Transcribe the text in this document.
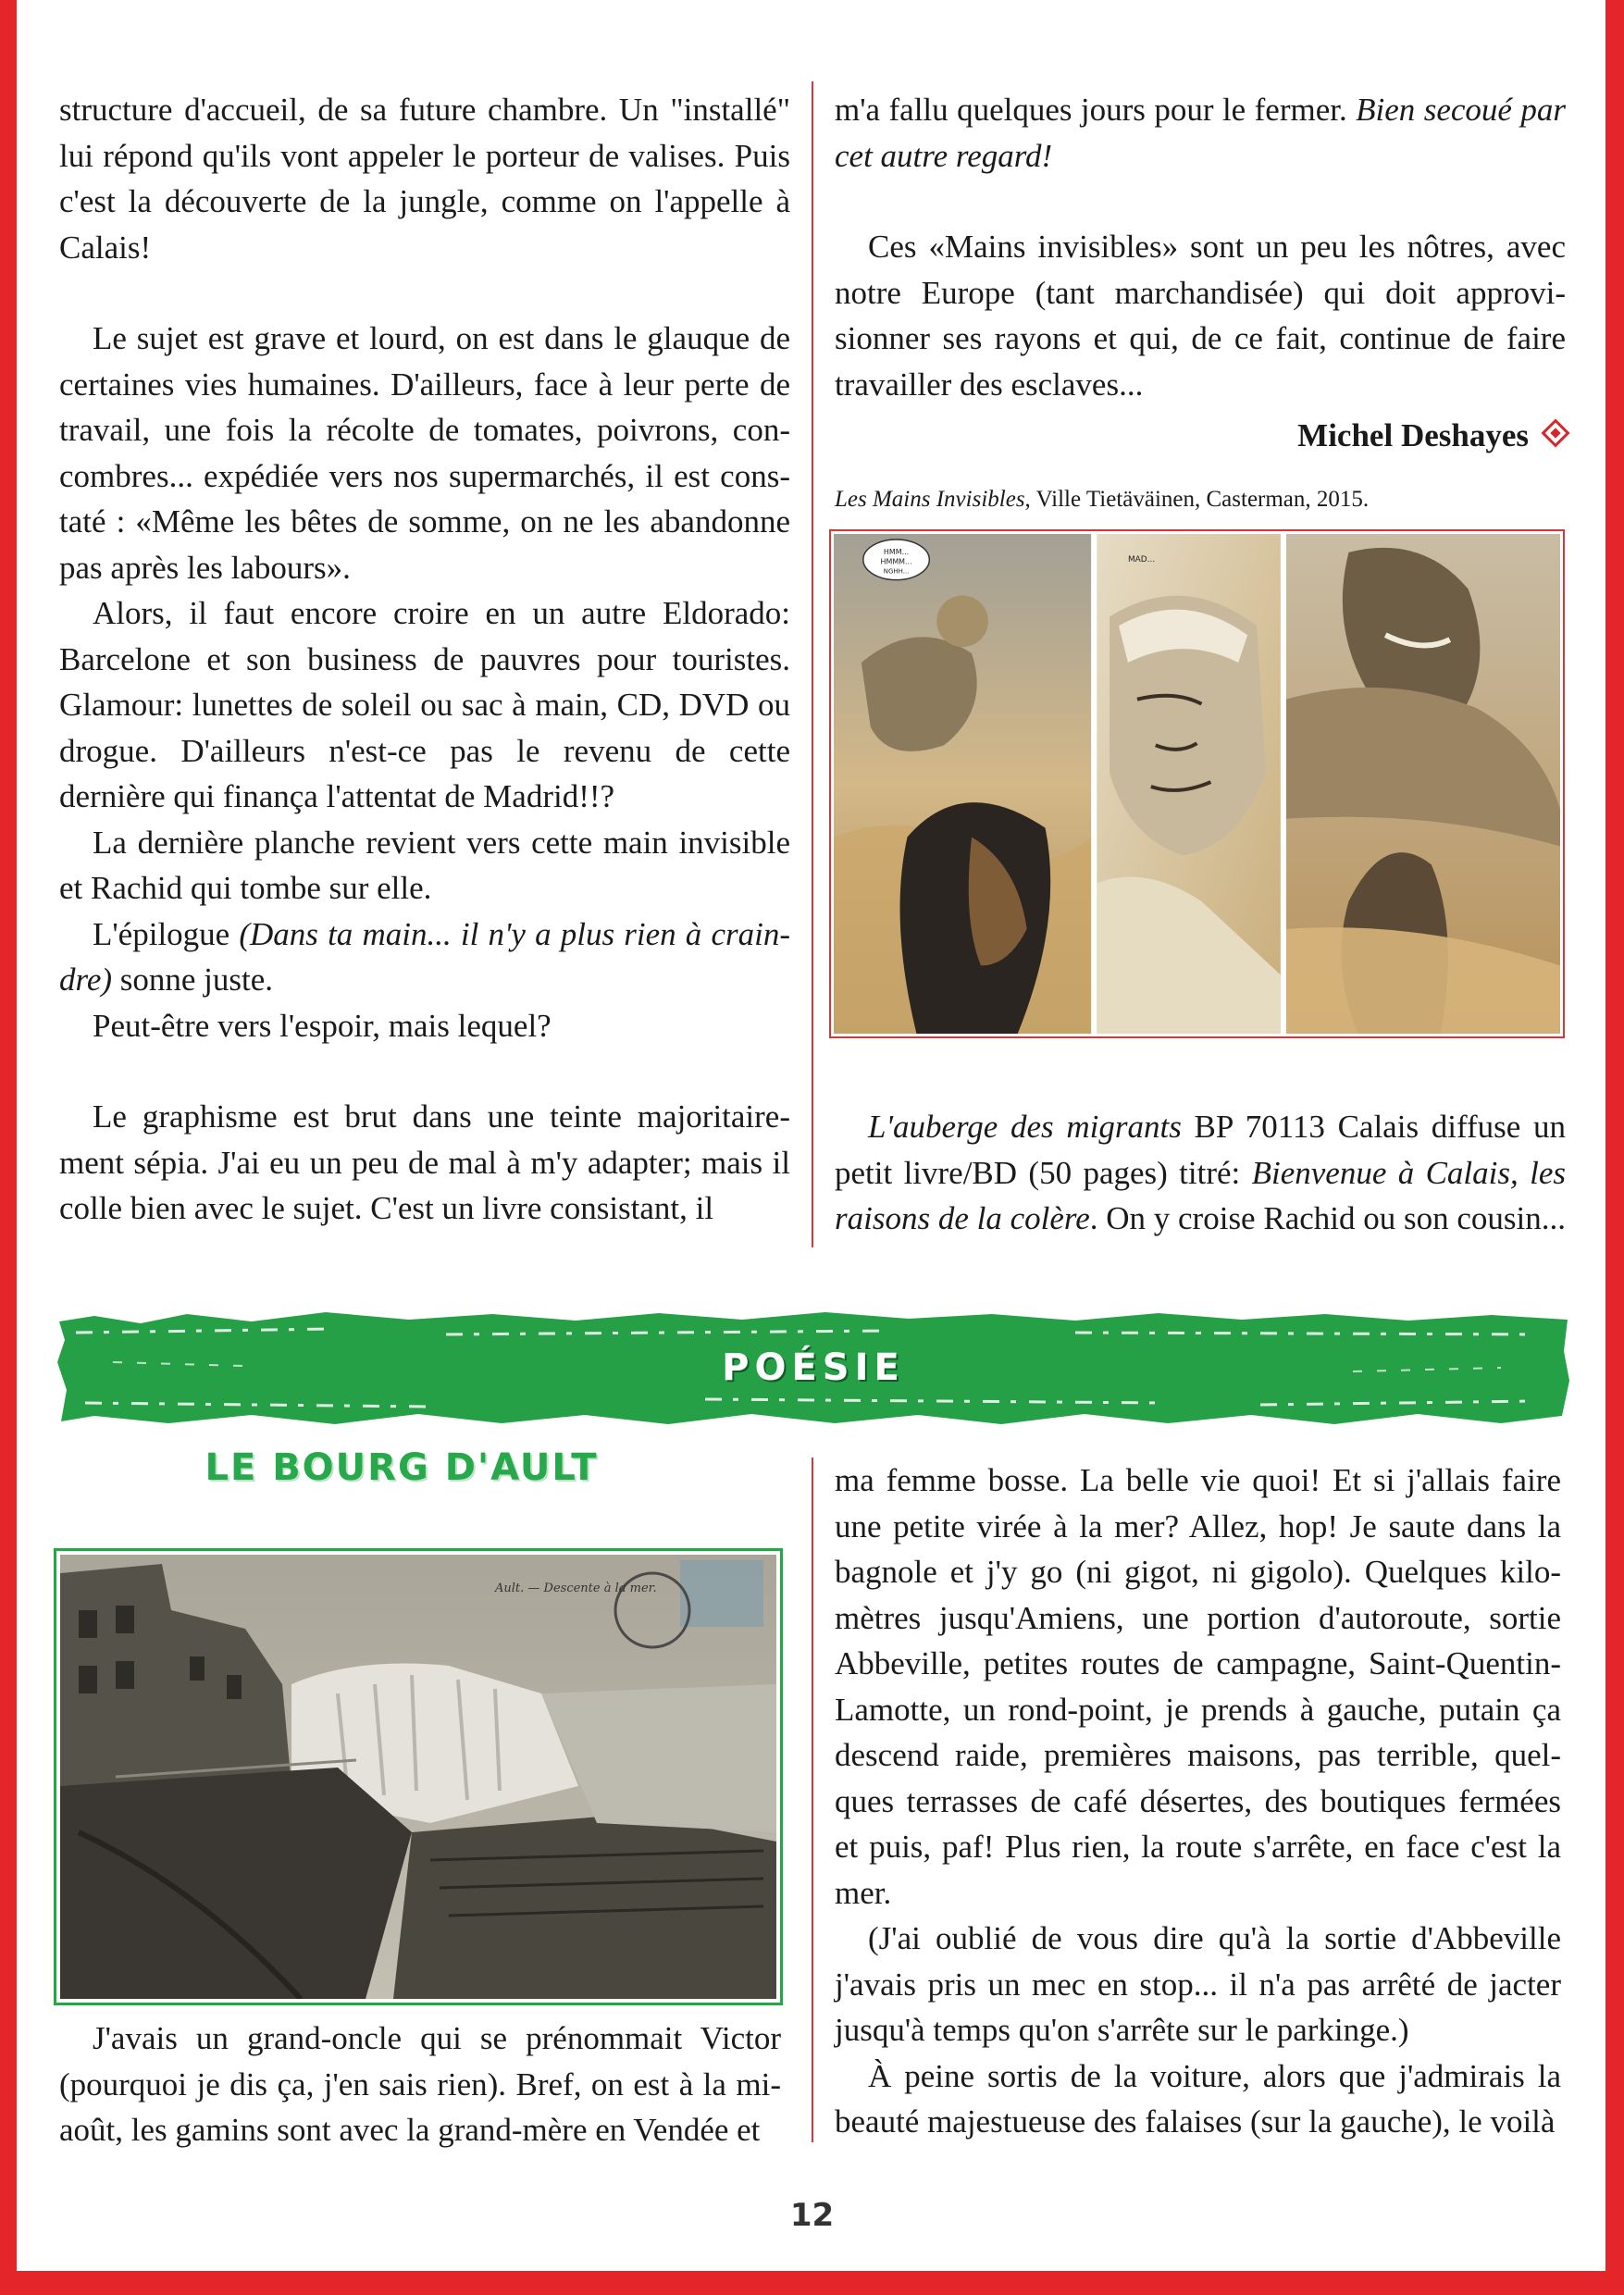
structure d'accueil, de sa future chambre. Un "installé" lui répond qu'ils vont appeler le porteur de valises. Puis c'est la découverte de la jungle, comme on l'appelle à Calais!

Le sujet est grave et lourd, on est dans le glauque de certaines vies humaines. D'ailleurs, face à leur perte de travail, une fois la récolte de tomates, poivrons, concombres... expédiée vers nos supermarchés, il est constaté : «Même les bêtes de somme, on ne les abandonne pas après les labours».

Alors, il faut encore croire en un autre Eldorado: Barcelone et son business de pauvres pour touristes. Glamour: lunettes de soleil ou sac à main, CD, DVD ou drogue. D'ailleurs n'est-ce pas le revenu de cette dernière qui finança l'attentat de Madrid!!?

La dernière planche revient vers cette main invisible et Rachid qui tombe sur elle.

L'épilogue (Dans ta main... il n'y a plus rien à craindre) sonne juste.

Peut-être vers l'espoir, mais lequel?

Le graphisme est brut dans une teinte majoritairement sépia. J'ai eu un peu de mal à m'y adapter; mais il colle bien avec le sujet. C'est un livre consistant, il

m'a fallu quelques jours pour le fermer. Bien secoué par cet autre regard!

Ces «Mains invisibles» sont un peu les nôtres, avec notre Europe (tant marchandisée) qui doit approvisionner ses rayons et qui, de ce fait, continue de faire travailler des esclaves...

Michel Deshayes
Les Mains Invisibles, Ville Tietäväinen, Casterman, 2015.
HMM...
HMMM...
NGHH...
MAD...

L'auberge des migrants BP 70113 Calais diffuse un petit livre/BD (50 pages) titré: Bienvenue à Calais, les raisons de la colère. On y croise Rachid ou son cousin...

POÉSIE
LE BOURG D'AULT
Ault. — Descente à la mer.

J'avais un grand-oncle qui se prénommait Victor (pourquoi je dis ça, j'en sais rien). Bref, on est à la miaoût, les gamins sont avec la grand-mère en Vendée et

ma femme bosse. La belle vie quoi! Et si j'allais faire une petite virée à la mer? Allez, hop! Je saute dans la bagnole et j'y go (ni gigot, ni gigolo). Quelques kilomètres jusqu'Amiens, une portion d'autoroute, sortie Abbeville, petites routes de campagne, Saint-Quentin-Lamotte, un rond-point, je prends à gauche, putain ça descend raide, premières maisons, pas terrible, quelques terrasses de café désertes, des boutiques fermées et puis, paf! Plus rien, la route s'arrête, en face c'est la mer.

(J'ai oublié de vous dire qu'à la sortie d'Abbeville j'avais pris un mec en stop... il n'a pas arrêté de jacter jusqu'à temps qu'on s'arrête sur le parkinge.)

À peine sortis de la voiture, alors que j'admirais la beauté majestueuse des falaises (sur la gauche), le voilà

12
